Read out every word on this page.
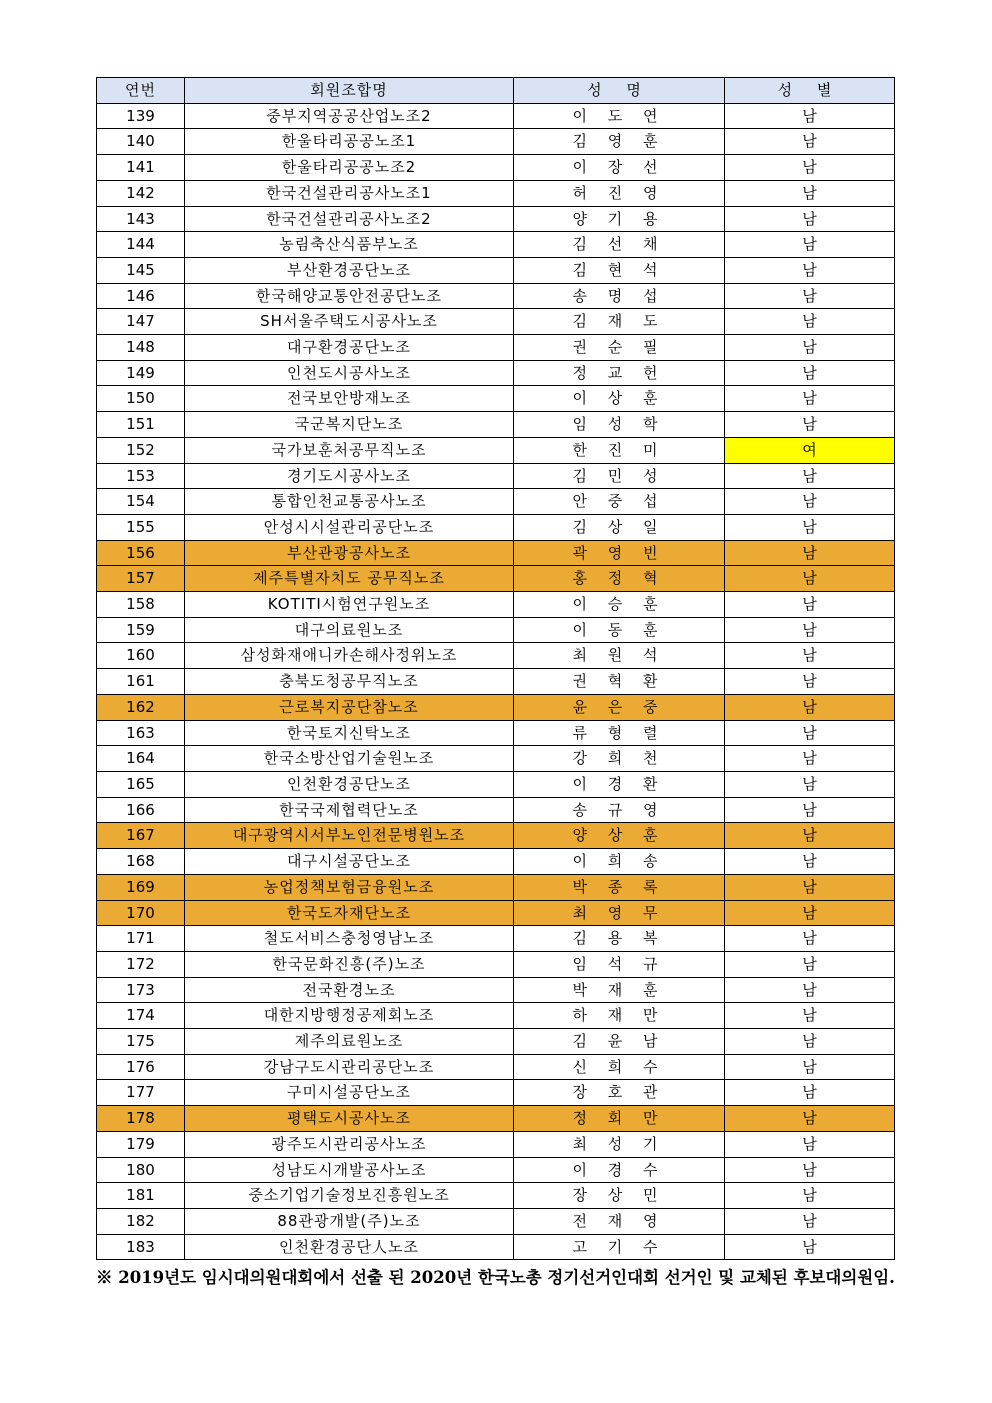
연번	회원조합명	성 명	성 별
139	중부지역공공산업노조2	이 도 연	남
140	한울타리공공노조1	김 영 훈	남
141	한울타리공공노조2	이 장 선	남
142	한국건설관리공사노조1	허 진 영	남
143	한국건설관리공사노조2	양 기 용	남
144	농림축산식품부노조	김 선 채	남
145	부산환경공단노조	김 현 석	남
146	한국해양교통안전공단노조	송 명 섭	남
147	SH서울주택도시공사노조	김 재 도	남
148	대구환경공단노조	권 순 필	남
149	인천도시공사노조	정 교 헌	남
150	전국보안방재노조	이 상 훈	남
151	국군복지단노조	임 성 학	남
152	국가보훈처공무직노조	한 진 미	여
153	경기도시공사노조	김 민 성	남
154	통합인천교통공사노조	안 중 섭	남
155	안성시시설관리공단노조	김 상 일	남
156	부산관광공사노조	곽 영 빈	남
157	제주특별자치도 공무직노조	홍 정 혁	남
158	KOTITI시험연구원노조	이 승 훈	남
159	대구의료원노조	이 동 훈	남
160	삼성화재애니카손해사정위노조	최 원 석	남
161	충북도청공무직노조	권 혁 환	남
162	근로복지공단참노조	윤 은 중	남
163	한국토지신탁노조	류 형 렬	남
164	한국소방산업기술원노조	강 희 천	남
165	인천환경공단노조	이 경 환	남
166	한국국제협력단노조	송 규 영	남
167	대구광역시서부노인전문병원노조	양 상 훈	남
168	대구시설공단노조	이 희 송	남
169	농업정책보험금융원노조	박 종 록	남
170	한국도자재단노조	최 영 무	남
171	철도서비스충청영남노조	김 용 복	남
172	한국문화진흥(주)노조	임 석 규	남
173	전국환경노조	박 재 훈	남
174	대한지방행정공제회노조	하 재 만	남
175	제주의료원노조	김 윤 남	남
176	강남구도시관리공단노조	신 희 수	남
177	구미시설공단노조	장 호 관	남
178	평택도시공사노조	정 회 만	남
179	광주도시관리공사노조	최 성 기	남
180	성남도시개발공사노조	이 경 수	남
181	중소기업기술정보진흥원노조	장 상 민	남
182	88관광개발(주)노조	전 재 영	남
183	인천환경공단人노조	고 기 수	남
※ 2019년도 임시대의원대회에서 선출 된 2020년 한국노총 정기선거인대회 선거인 및 교체된 후보대의원임.
